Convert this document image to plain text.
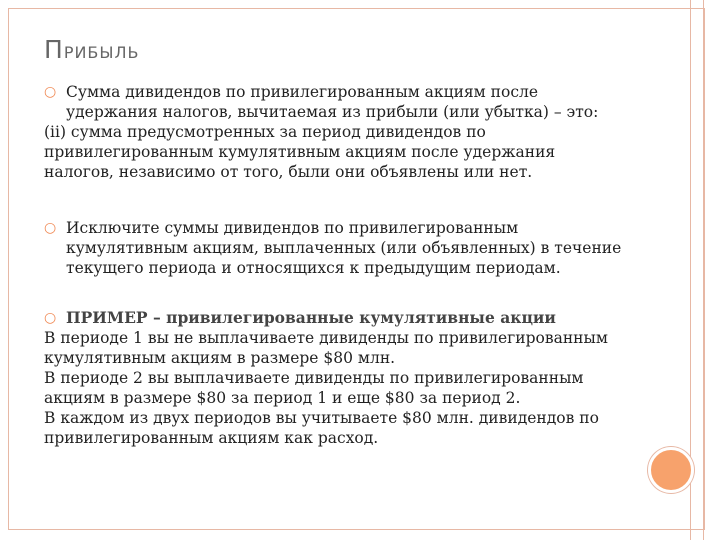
ПРИБЫЛЬ

○ Сумма дивидендов по привилегированным акциям после удержания налогов, вычитаемая из прибыли (или убытка) – это:

(ii) сумма предусмотренных за период дивидендов по привилегированным кумулятивным акциям после удержания налогов, независимо от того, были они объявлены или нет.

○ Исключите суммы дивидендов по привилегированным кумулятивным акциям, выплаченных (или объявленных) в течение текущего периода и относящихся к предыдущим периодам.

○ ПРИМЕР – привилегированные кумулятивные акции

В периоде 1 вы не выплачиваете дивиденды по привилегированным кумулятивным акциям в размере $80 млн.

В периоде 2 вы выплачиваете дивиденды по привилегированным акциям в размере $80 за период 1 и еще $80 за период 2.

В каждом из двух периодов вы учитываете $80 млн. дивидендов по привилегированным акциям как расход.
